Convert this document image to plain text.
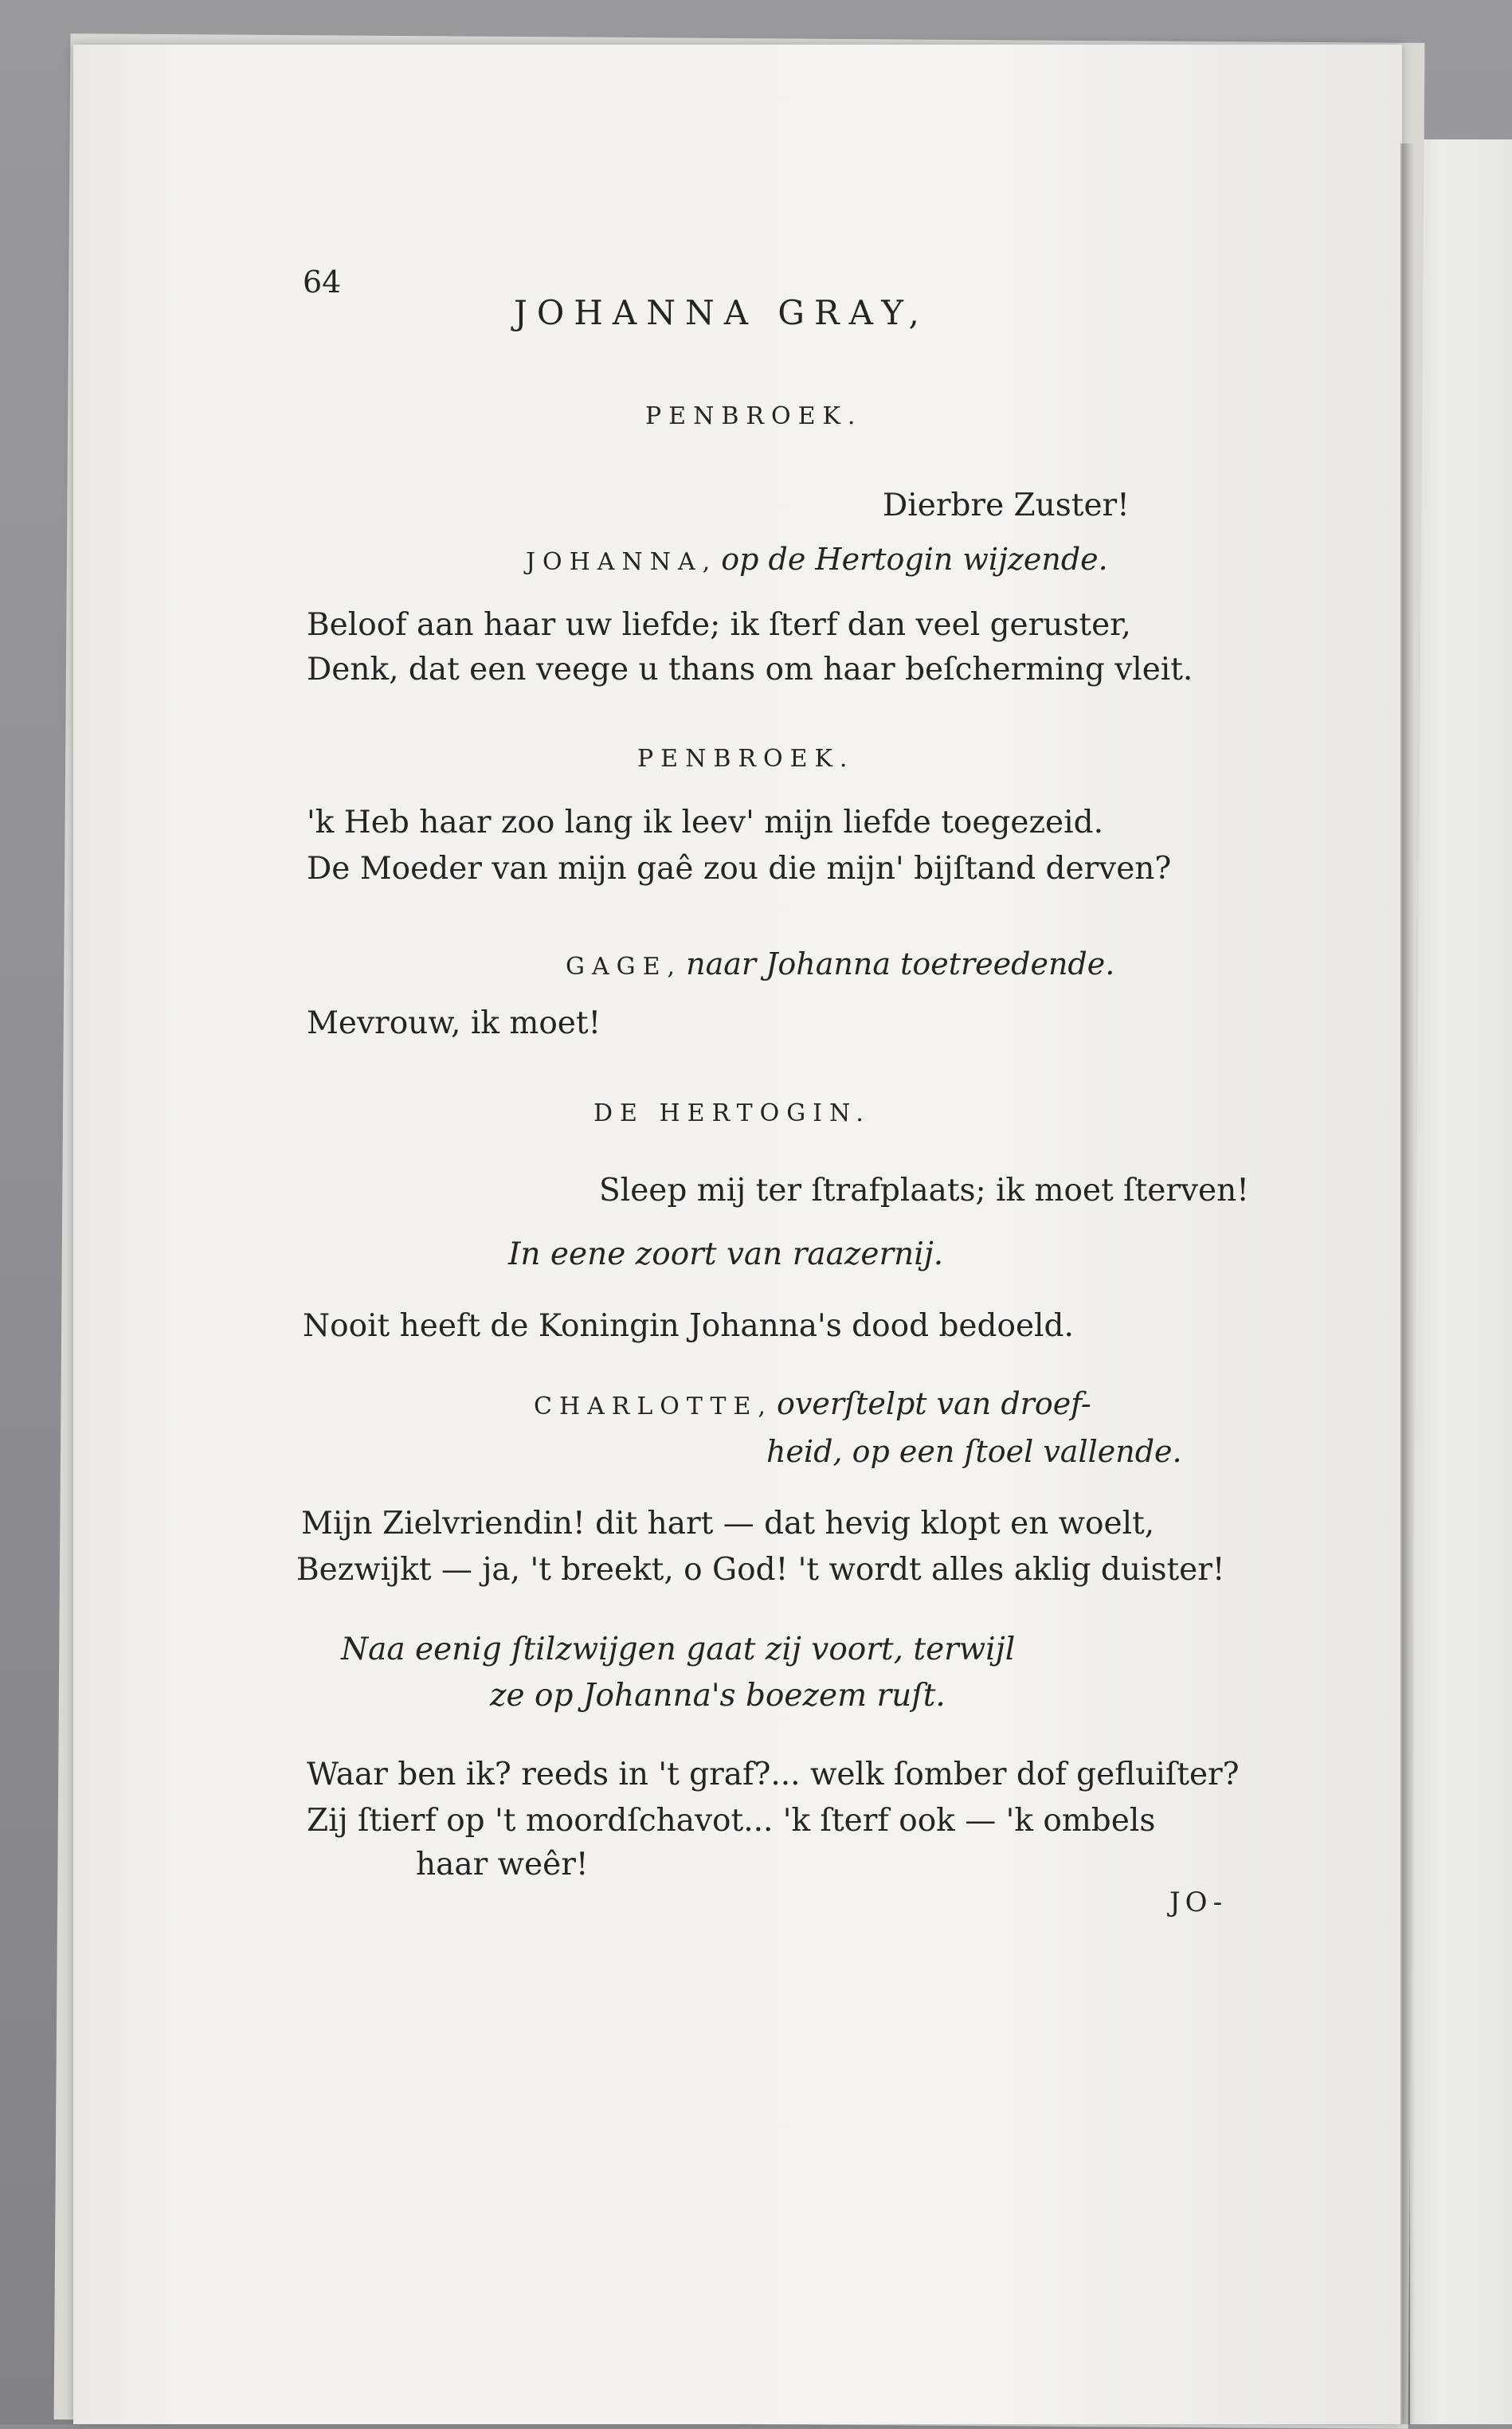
64
JOHANNA GRAY,
PENBROEK.
Dierbre Zuster!
JOHANNA, op de Hertogin wijzende.
Beloof aan haar uw liefde; ik ſterf dan veel geruster,
Denk, dat een veege u thans om haar beſcherming vleit.
PENBROEK.
'k Heb haar zoo lang ik leev' mijn liefde toegezeid.
De Moeder van mijn gaê zou die mijn' bijſtand derven?
GAGE, naar Johanna toetreedende.
Mevrouw, ik moet!
DE HERTOGIN.
Sleep mij ter ſtrafplaats; ik moet ſterven!
In eene zoort van raazernij.
Nooit heeft de Koningin Johanna's dood bedoeld.
CHARLOTTE, overſtelpt van droef-
heid, op een ſtoel vallende.
Mijn Zielvriendin! dit hart — dat hevig klopt en woelt,
Bezwijkt — ja, 't breekt, o God! 't wordt alles aklig duister!
Naa eenig ſtilzwijgen gaat zij voort, terwijl
ze op Johanna's boezem ruſt.
Waar ben ik? reeds in 't graf?... welk ſomber dof gefluiſter?
Zij ſtierf op 't moordſchavot... 'k ſterf ook — 'k ombels
haar weêr!
JO-
